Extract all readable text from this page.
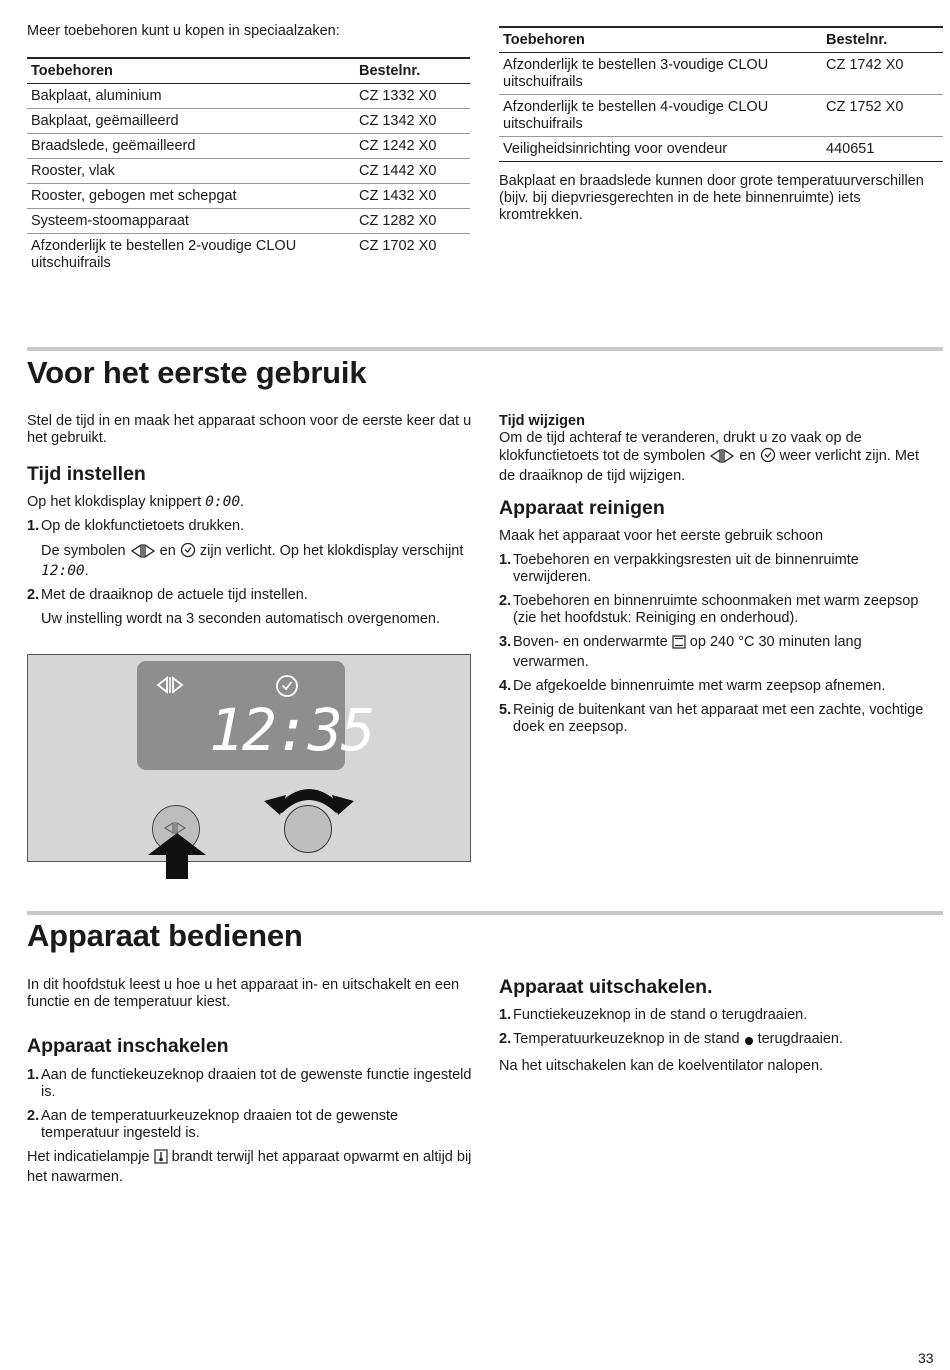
Meer toebehoren kunt u kopen in speciaalzaken:

Toebehoren	Bestelnr.
Bakplaat, aluminium	CZ 1332 X0
Bakplaat, geëmailleerd	CZ 1342 X0
Braadslede, geëmailleerd	CZ 1242 X0
Rooster, vlak	CZ 1442 X0
Rooster, gebogen met schepgat	CZ 1432 X0
Systeem-stoomapparaat	CZ 1282 X0
Afzonderlijk te bestellen 2-voudige CLOU uitschuifrails	CZ 1702 X0
Toebehoren	Bestelnr.
Afzonderlijk te bestellen 3-voudige CLOU uitschuifrails	CZ 1742 X0
Afzonderlijk te bestellen 4-voudige CLOU uitschuifrails	CZ 1752 X0
Veiligheidsinrichting voor ovendeur	440651

Bakplaat en braadslede kunnen door grote temperatuurverschillen (bijv. bij diepvriesgerechten in de hete binnenruimte) iets kromtrekken.

Voor het eerste gebruik

Stel de tijd in en maak het apparaat schoon voor de eerste keer dat u het gebruikt.

Tijd instellen

Op het klokdisplay knippert 0:00.

1. Op de klokfunctietoets drukken.

De symbolen  en  zijn verlicht. Op het klokdisplay verschijnt 12:00.

2. Met de draaiknop de actuele tijd instellen.

Uw instelling wordt na 3 seconden automatisch overgenomen.

12:35

Tijd wijzigen

Om de tijd achteraf te veranderen, drukt u zo vaak op de klokfunctietoets tot de symbolen  en  weer verlicht zijn. Met de draaiknop de tijd wijzigen.

Apparaat reinigen

Maak het apparaat voor het eerste gebruik schoon

1. Toebehoren en verpakkingsresten uit de binnenruimte verwijderen.
2. Toebehoren en binnenruimte schoonmaken met warm zeepsop (zie het hoofdstuk: Reiniging en onderhoud).
3. Boven- en onderwarmte  op 240 °C 30 minuten lang verwarmen.
4. De afgekoelde binnenruimte met warm zeepsop afnemen.
5. Reinig de buitenkant van het apparaat met een zachte, vochtige doek en zeepsop.
Apparaat bedienen

In dit hoofdstuk leest u hoe u het apparaat in- en uitschakelt en een functie en de temperatuur kiest.

Apparaat inschakelen
1. Aan de functiekeuzeknop draaien tot de gewenste functie ingesteld is.
2. Aan de temperatuurkeuzeknop draaien tot de gewenste temperatuur ingesteld is.

Het indicatielampje  brandt terwijl het apparaat opwarmt en altijd bij het nawarmen.

Apparaat uitschakelen.
1. Functiekeuzeknop in de stand o terugdraaien.
2. Temperatuurkeuzeknop in de stand  terugdraaien.

Na het uitschakelen kan de koelventilator nalopen.

33
